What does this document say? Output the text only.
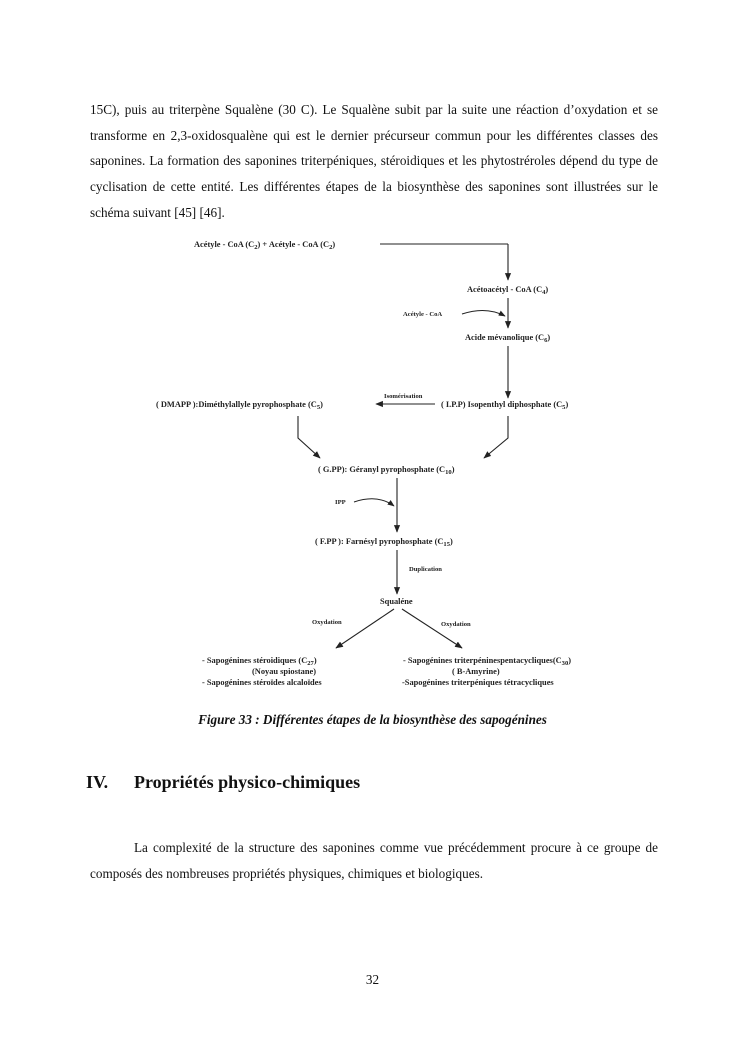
15C), puis au triterpène Squalène (30 C). Le Squalène subit par la suite une réaction d’oxydation et se transforme en 2,3-oxidosqualène qui est le dernier précurseur commun pour les différentes classes des saponines. La formation des saponines triterpéniques, stéroidiques et les phytostréroles dépend du type de cyclisation de cette entité. Les différentes étapes de la biosynthèse des saponines sont illustrées sur le schéma suivant [45] [46].

Acétyle - CoA $(C_2)$ + Acétyle - CoA $(C_2)$
Acétoacétyl - CoA $(C_4)$
Acétyle - CoA
Acide mévanolique $(C_6)$
Isomérisation
( DMAPP ):Diméthylallyle pyrophosphate $(C_5)$	( I.P.P) Isopenthyl diphosphate $(C_5)$
( G.PP): Géranyl pyrophosphate $(C_{10})$
IPP
( F.PP ): Farnésyl pyrophosphate $(C_{15})$
Duplication
Squaléne
Oxydation	Oxydation
- Sapogénines stéroidiques $(C_{27})$
(Noyau spiostane)
- Sapogénines stéroïdes alcaloïdes
- Sapogénines $triterpéninespentacycliques(C_{30})$
( B-Amyrine)
-Sapogénines triterpéniques tétracycliques
Figure 33 : Différentes étapes de la biosynthèse des sapogénines
IV. Propriétés physico-chimiques

La complexité de la structure des saponines comme vue précédemment procure à ce groupe de composés des nombreuses propriétés physiques, chimiques et biologiques.

32
